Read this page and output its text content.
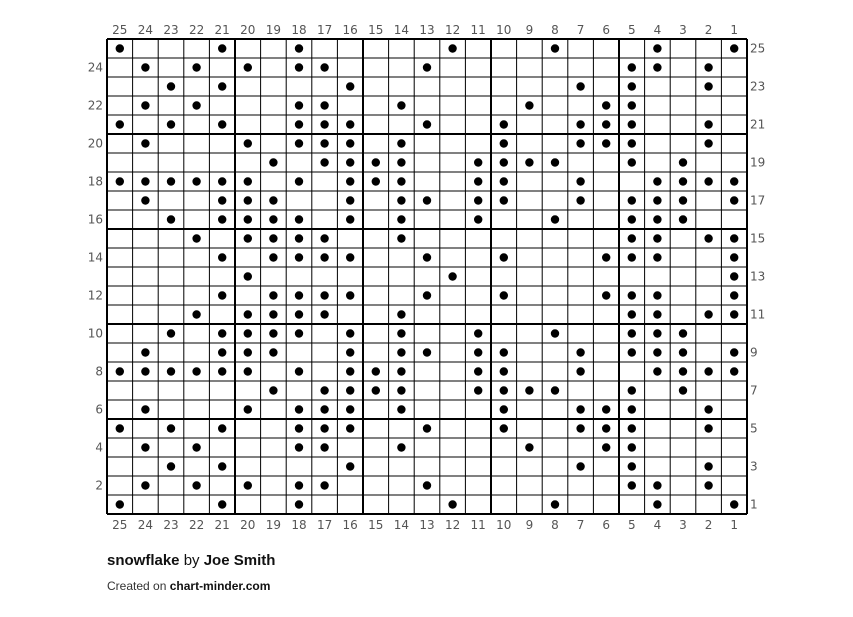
25
25
24
24
23
23
22
22
21
21
20
20
19
19
18
18
17
17
16
16
15
15
14
14
13
13
12
12
11
11
10
10
9
9
8
8
7
7
6
6
5
5
4
4
3
3
2
2
1
1
24
22
20
18
16
14
12
10
8
6
4
2
25
23
21
19
17
15
13
11
9
7
5
3
1
snowflake by Joe Smith
Created on chart-minder.com
